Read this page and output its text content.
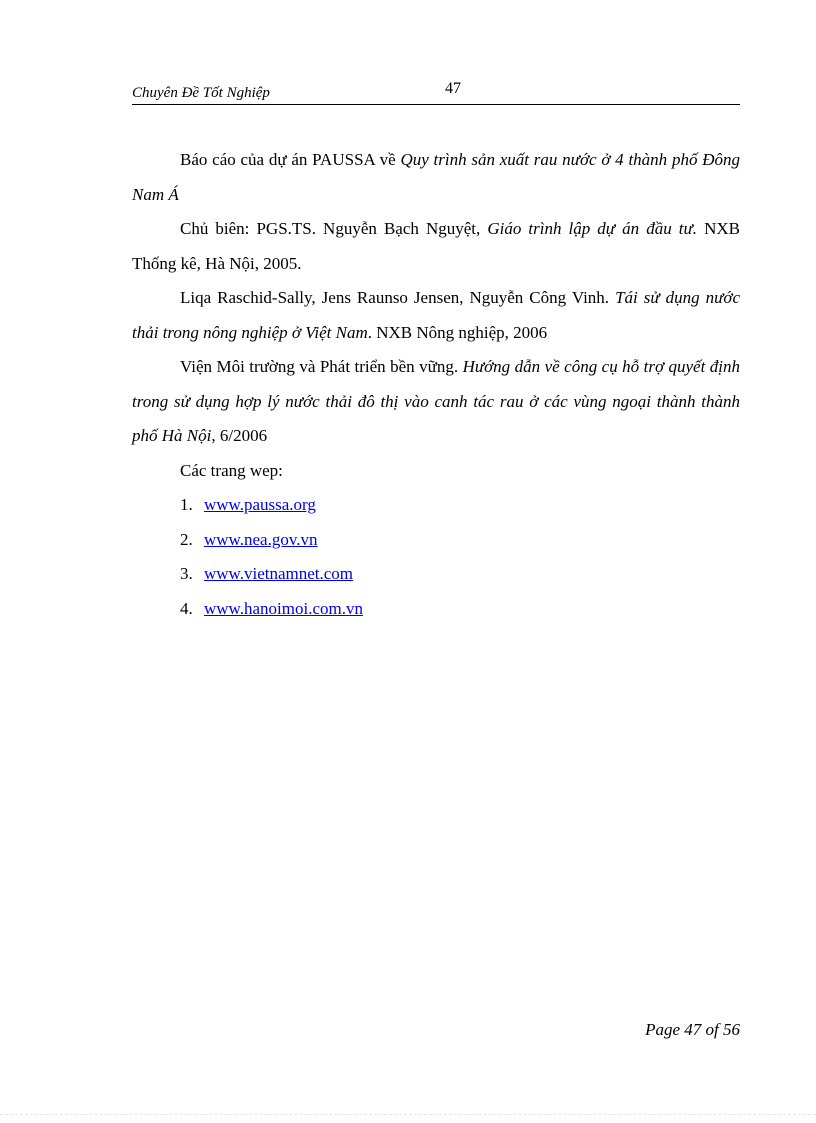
Chuyên Đề Tốt Nghiệp	47

Báo cáo của dự án PAUSSA về Quy trình sản xuất rau nước ở 4 thành phố Đông Nam Á

Chủ biên: PGS.TS. Nguyễn Bạch Nguyệt, Giáo trình lập dự án đầu tư. NXB Thống kê, Hà Nội, 2005.

Liqa Raschid-Sally, Jens Raunso Jensen, Nguyễn Công Vinh. Tái sử dụng nước thải trong nông nghiệp ở Việt Nam. NXB Nông nghiệp, 2006

Viện Môi trường và Phát triển bền vững. Hướng dẫn về công cụ hỗ trợ quyết định trong sử dụng hợp lý nước thải đô thị vào canh tác rau ở các vùng ngoại thành thành phố Hà Nội, 6/2006

Các trang wep:

1. www.paussa.org
2. www.nea.gov.vn
3. www.vietnamnet.com
4. www.hanoimoi.com.vn
Page 47 of 56
